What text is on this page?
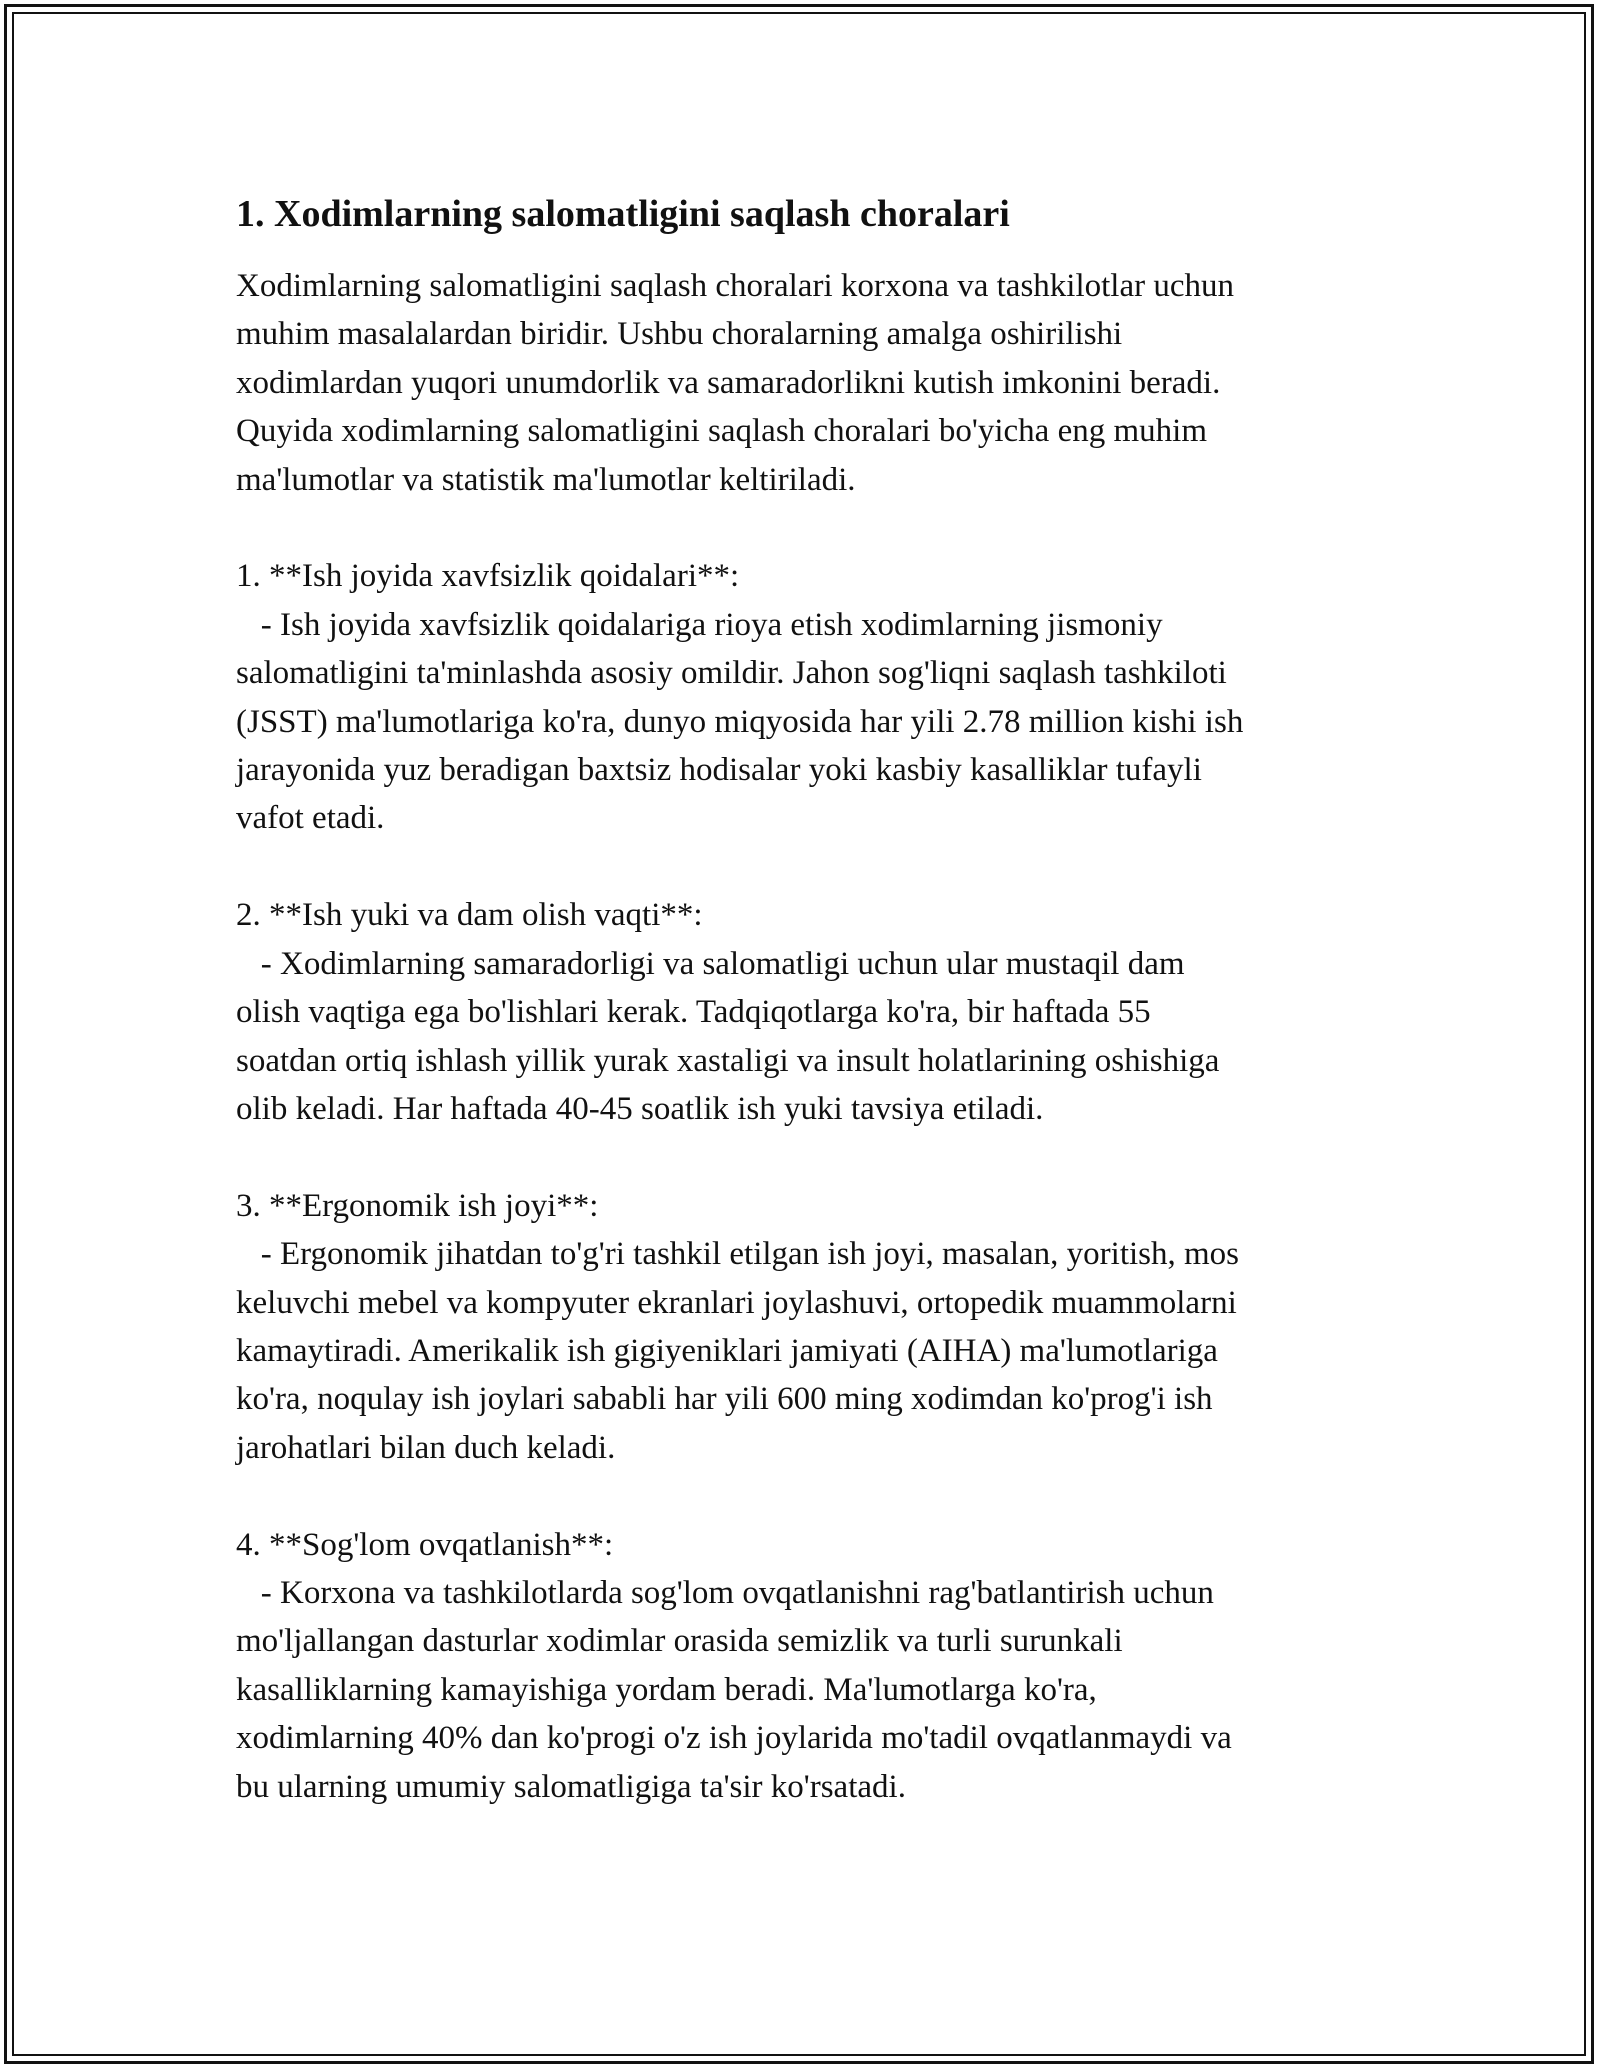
1. Xodimlarning salomatligini saqlash choralari

Xodimlarning salomatligini saqlash choralari korxona va tashkilotlar uchun
muhim masalalardan biridir. Ushbu choralarning amalga oshirilishi
xodimlardan yuqori unumdorlik va samaradorlikni kutish imkonini beradi.
Quyida xodimlarning salomatligini saqlash choralari bo'yicha eng muhim
ma'lumotlar va statistik ma'lumotlar keltiriladi.

1. **Ish joyida xavfsizlik qoidalari**:
- Ish joyida xavfsizlik qoidalariga rioya etish xodimlarning jismoniy
salomatligini ta'minlashda asosiy omildir. Jahon sog'liqni saqlash tashkiloti
(JSST) ma'lumotlariga ko'ra, dunyo miqyosida har yili 2.78 million kishi ish
jarayonida yuz beradigan baxtsiz hodisalar yoki kasbiy kasalliklar tufayli
vafot etadi.

2. **Ish yuki va dam olish vaqti**:
- Xodimlarning samaradorligi va salomatligi uchun ular mustaqil dam
olish vaqtiga ega bo'lishlari kerak. Tadqiqotlarga ko'ra, bir haftada 55
soatdan ortiq ishlash yillik yurak xastaligi va insult holatlarining oshishiga
olib keladi. Har haftada 40-45 soatlik ish yuki tavsiya etiladi.

3. **Ergonomik ish joyi**:
- Ergonomik jihatdan to'g'ri tashkil etilgan ish joyi, masalan, yoritish, mos
keluvchi mebel va kompyuter ekranlari joylashuvi, ortopedik muammolarni
kamaytiradi. Amerikalik ish gigiyeniklari jamiyati (AIHA) ma'lumotlariga
ko'ra, noqulay ish joylari sababli har yili 600 ming xodimdan ko'prog'i ish
jarohatlari bilan duch keladi.

4. **Sog'lom ovqatlanish**:
- Korxona va tashkilotlarda sog'lom ovqatlanishni rag'batlantirish uchun
mo'ljallangan dasturlar xodimlar orasida semizlik va turli surunkali
kasalliklarning kamayishiga yordam beradi. Ma'lumotlarga ko'ra,
xodimlarning 40% dan ko'progi o'z ish joylarida mo'tadil ovqatlanmaydi va
bu ularning umumiy salomatligiga ta'sir ko'rsatadi.
